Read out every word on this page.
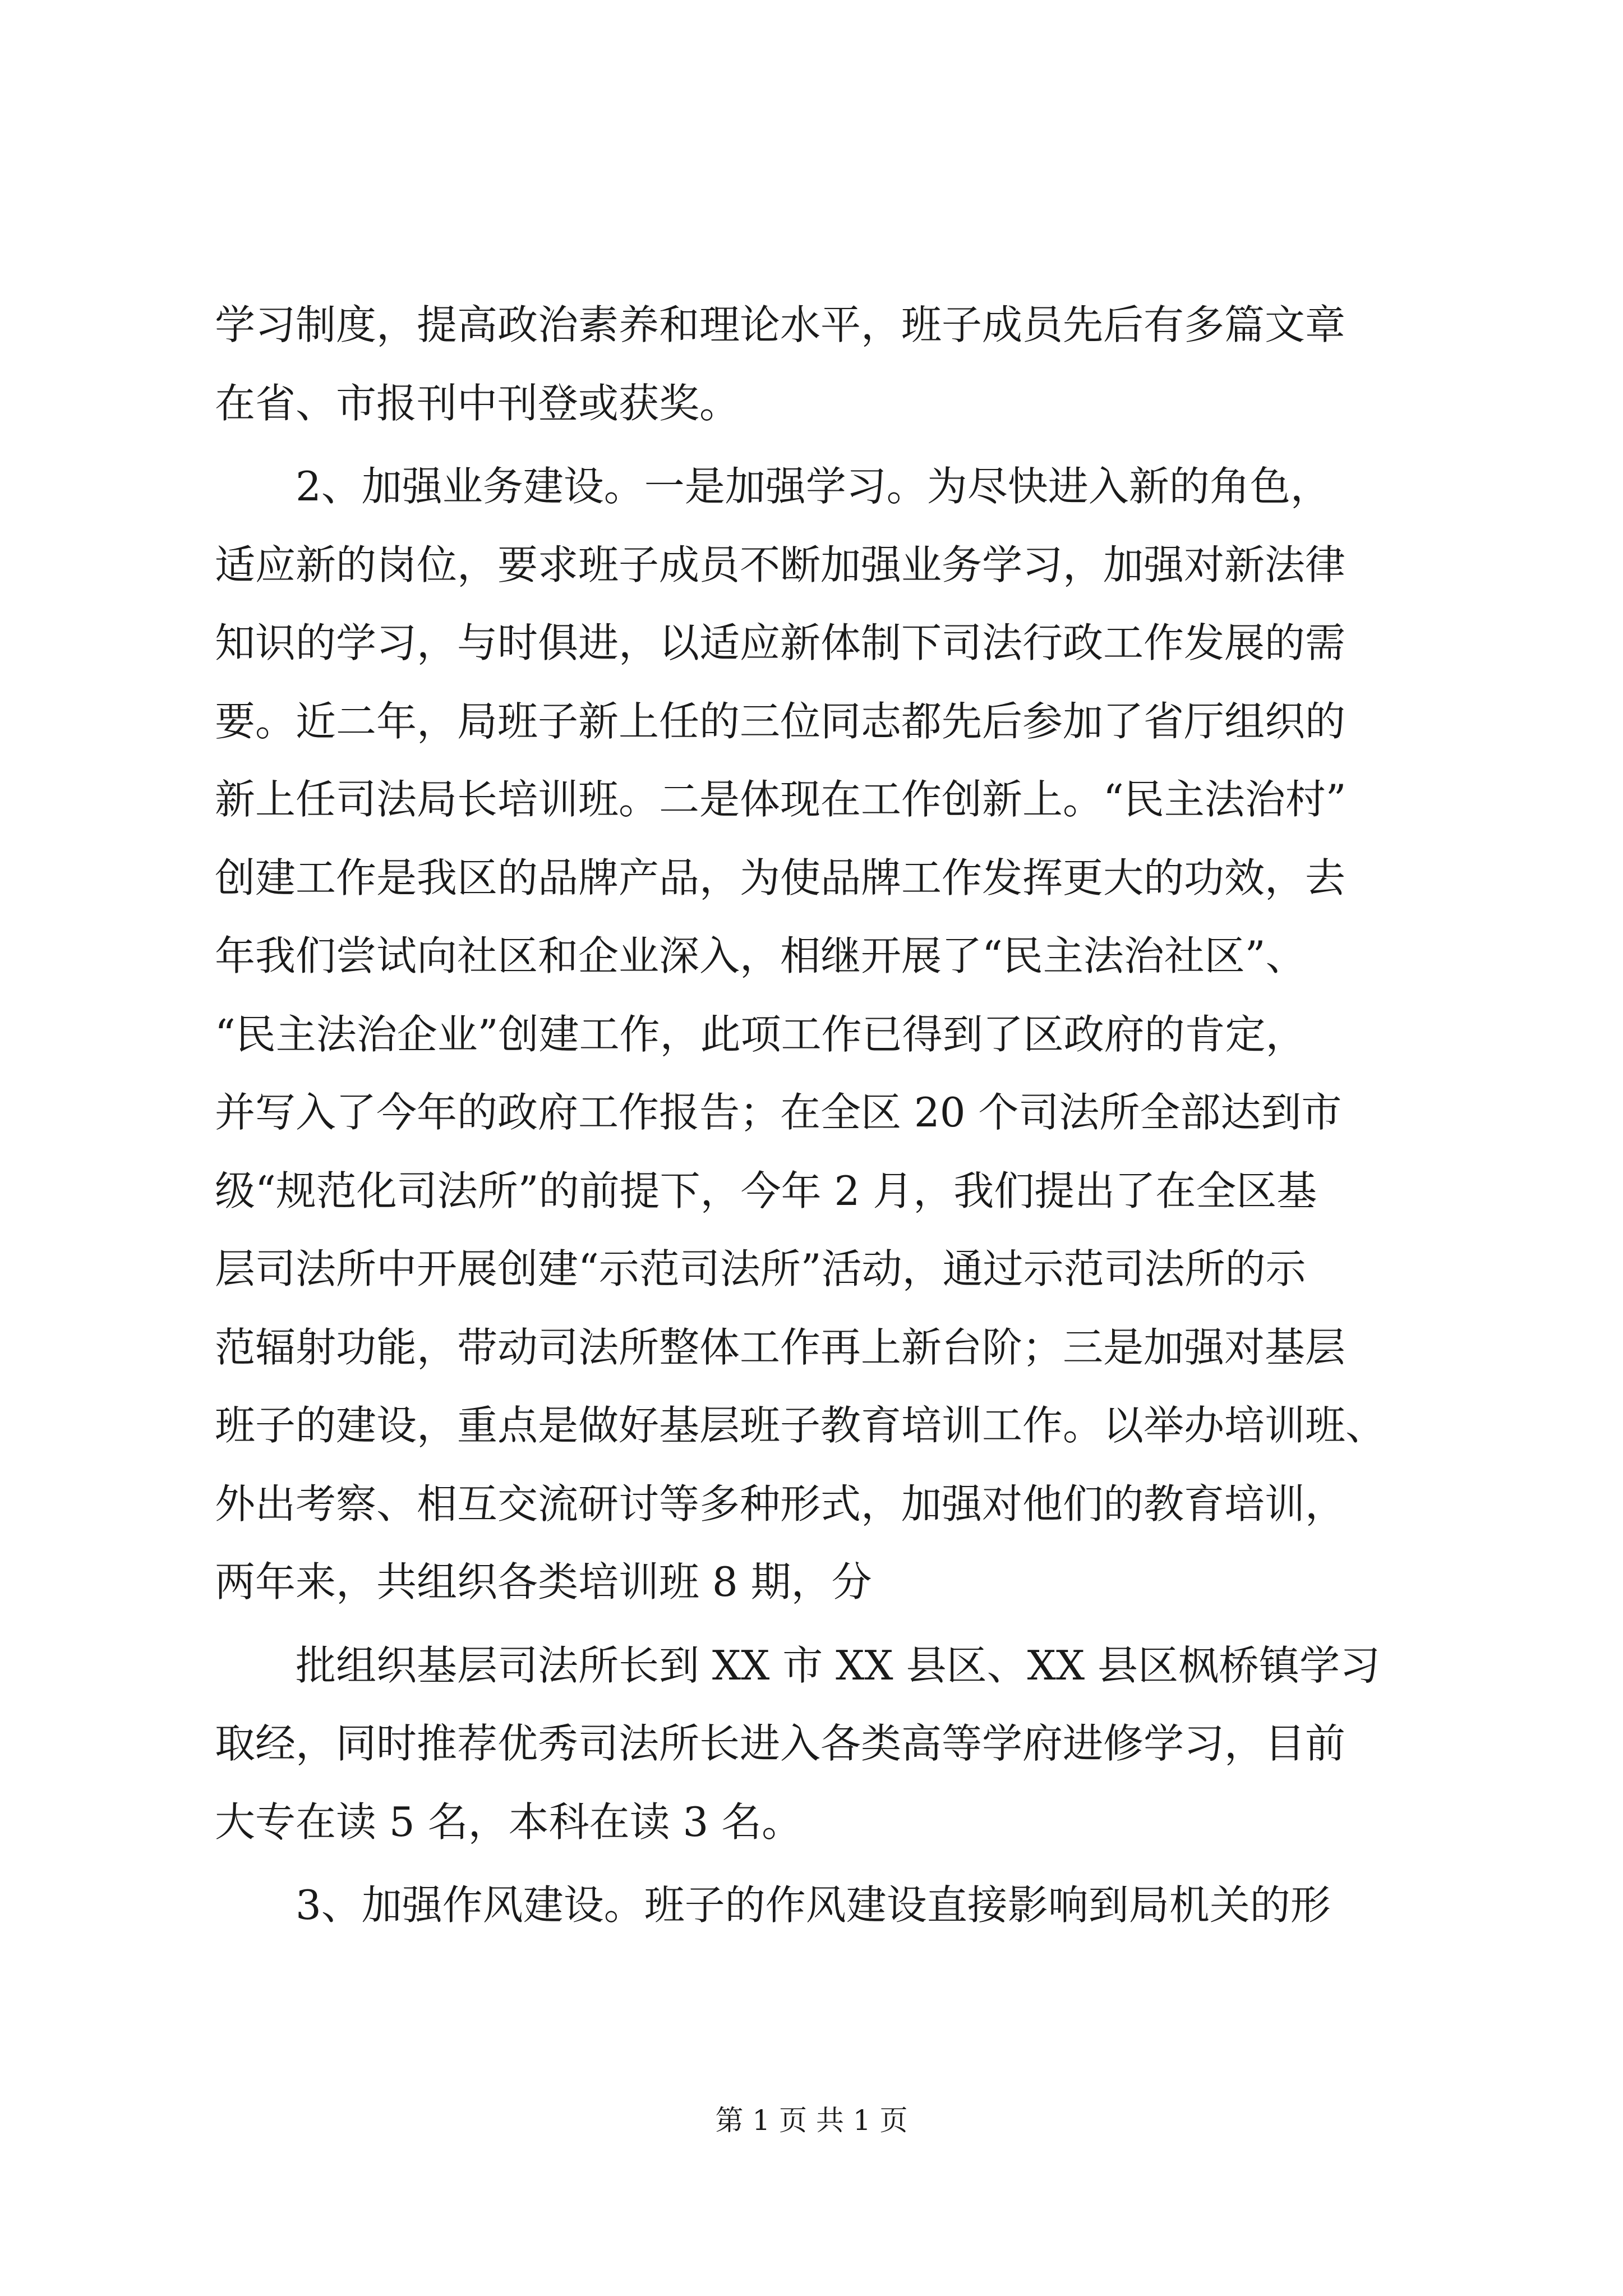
学习制度，提高政治素养和理论水平，班子成员先后有多篇文章
在省、市报刊中刊登或获奖。
2、加强业务建设。一是加强学习。为尽快进入新的角色，
适应新的岗位，要求班子成员不断加强业务学习，加强对新法律
知识的学习，与时俱进，以适应新体制下司法行政工作发展的需
要。近二年，局班子新上任的三位同志都先后参加了省厅组织的
新上任司法局长培训班。二是体现在工作创新上。“民主法治村”
创建工作是我区的品牌产品，为使品牌工作发挥更大的功效，去
年我们尝试向社区和企业深入，相继开展了“民主法治社区”、
“民主法治企业”创建工作，此项工作已得到了区政府的肯定，
并写入了今年的政府工作报告；在全区 20 个司法所全部达到市
级“规范化司法所”的前提下，今年 2 月，我们提出了在全区基
层司法所中开展创建“示范司法所”活动，通过示范司法所的示
范辐射功能，带动司法所整体工作再上新台阶；三是加强对基层
班子的建设，重点是做好基层班子教育培训工作。以举办培训班、
外出考察、相互交流研讨等多种形式，加强对他们的教育培训，
两年来，共组织各类培训班 8 期，分
批组织基层司法所长到 XX 市 XX 县区、XX 县区枫桥镇学习
取经，同时推荐优秀司法所长进入各类高等学府进修学习，目前
大专在读 5 名，本科在读 3 名。
3、加强作风建设。班子的作风建设直接影响到局机关的形
第 1 页 共 1 页
